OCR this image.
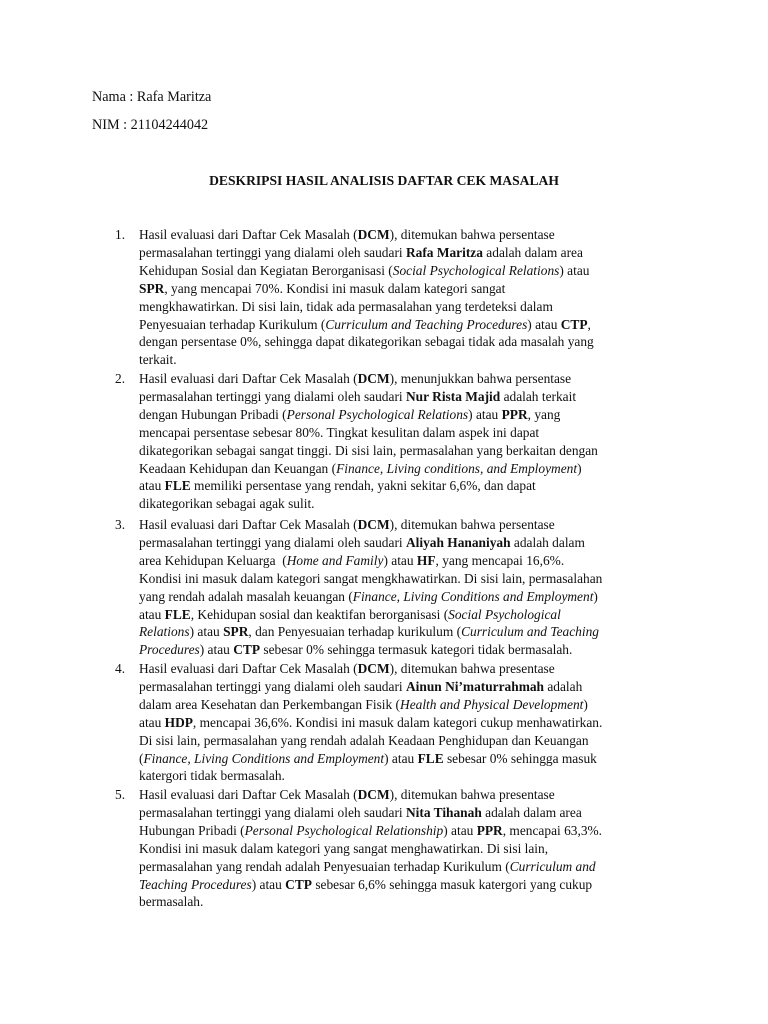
Nama : Rafa Maritza
NIM : 21104244042
DESKRIPSI HASIL ANALISIS DAFTAR CEK MASALAH
1. Hasil evaluasi dari Daftar Cek Masalah (DCM), ditemukan bahwa persentase
permasalahan tertinggi yang dialami oleh saudari Rafa Maritza adalah dalam area
Kehidupan Sosial dan Kegiatan Berorganisasi (Social Psychological Relations) atau
SPR, yang mencapai 70%. Kondisi ini masuk dalam kategori sangat
mengkhawatirkan. Di sisi lain, tidak ada permasalahan yang terdeteksi dalam
Penyesuaian terhadap Kurikulum (Curriculum and Teaching Procedures) atau CTP,
dengan persentase 0%, sehingga dapat dikategorikan sebagai tidak ada masalah yang
terkait.

2. Hasil evaluasi dari Daftar Cek Masalah (DCM), menunjukkan bahwa persentase
permasalahan tertinggi yang dialami oleh saudari Nur Rista Majid adalah terkait
dengan Hubungan Pribadi (Personal Psychological Relations) atau PPR, yang
mencapai persentase sebesar 80%. Tingkat kesulitan dalam aspek ini dapat
dikategorikan sebagai sangat tinggi. Di sisi lain, permasalahan yang berkaitan dengan
Keadaan Kehidupan dan Keuangan (Finance, Living conditions, and Employment)
atau FLE memiliki persentase yang rendah, yakni sekitar 6,6%, dan dapat
dikategorikan sebagai agak sulit.

3. Hasil evaluasi dari Daftar Cek Masalah (DCM), ditemukan bahwa persentase
permasalahan tertinggi yang dialami oleh saudari Aliyah Hananiyah adalah dalam
area Kehidupan Keluarga  (Home and Family) atau HF, yang mencapai 16,6%.
Kondisi ini masuk dalam kategori sangat mengkhawatirkan. Di sisi lain, permasalahan
yang rendah adalah masalah keuangan (Finance, Living Conditions and Employment)
atau FLE, Kehidupan sosial dan keaktifan berorganisasi (Social Psychological
Relations) atau SPR, dan Penyesuaian terhadap kurikulum (Curriculum and Teaching
Procedures) atau CTP sebesar 0% sehingga termasuk kategori tidak bermasalah.

4. Hasil evaluasi dari Daftar Cek Masalah (DCM), ditemukan bahwa presentase
permasalahan tertinggi yang dialami oleh saudari Ainun Ni’maturrahmah adalah
dalam area Kesehatan dan Perkembangan Fisik (Health and Physical Development)
atau HDP, mencapai 36,6%. Kondisi ini masuk dalam kategori cukup menhawatirkan.
Di sisi lain, permasalahan yang rendah adalah Keadaan Penghidupan dan Keuangan
(Finance, Living Conditions and Employment) atau FLE sebesar 0% sehingga masuk
katergori tidak bermasalah.

5. Hasil evaluasi dari Daftar Cek Masalah (DCM), ditemukan bahwa presentase
permasalahan tertinggi yang dialami oleh saudari Nita Tihanah adalah dalam area
Hubungan Pribadi (Personal Psychological Relationship) atau PPR, mencapai 63,3%.
Kondisi ini masuk dalam kategori yang sangat menghawatirkan. Di sisi lain,
permasalahan yang rendah adalah Penyesuaian terhadap Kurikulum (Curriculum and
Teaching Procedures) atau CTP sebesar 6,6% sehingga masuk katergori yang cukup
bermasalah.
